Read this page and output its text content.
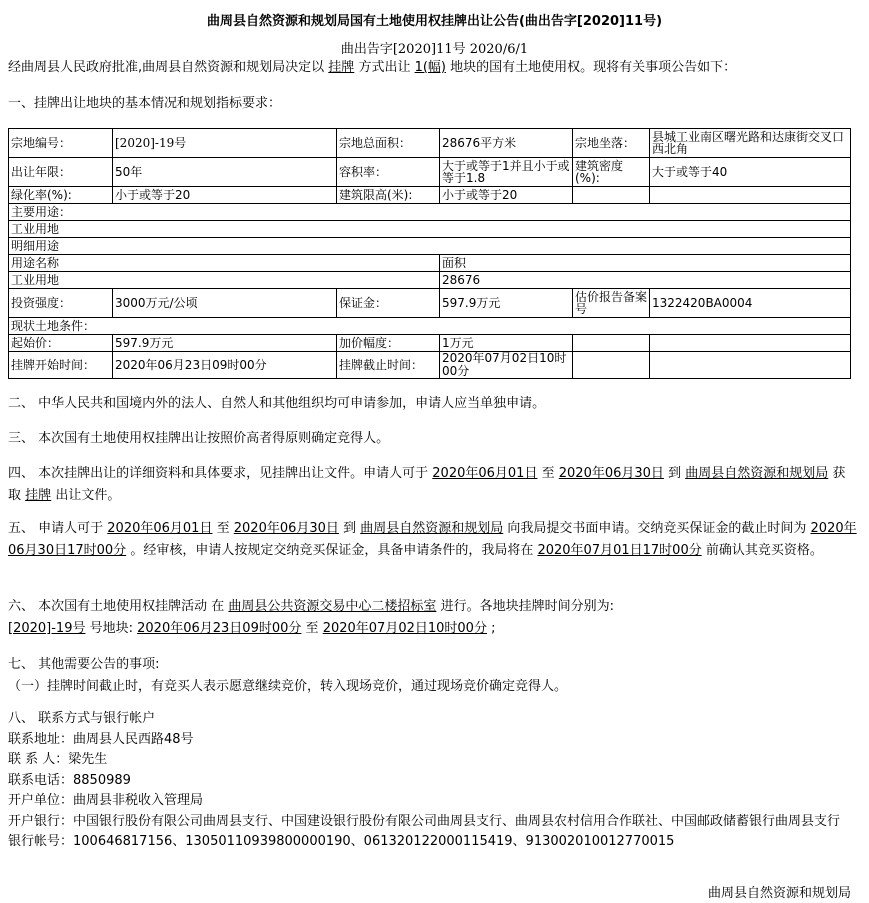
曲周县自然资源和规划局国有土地使用权挂牌出让公告(曲出告字[2020]11号)
曲出告字[2020]11号 2020/6/1
经曲周县人民政府批准,曲周县自然资源和规划局决定以 挂牌 方式出让 1(幅) 地块的国有土地使用权。现将有关事项公告如下：
一、挂牌出让地块的基本情况和规划指标要求：
宗地编号：	[2020]-19号	宗地总面积：	28676平方米	宗地坐落：	县城工业南区曙光路和达康街交叉口西北角
出让年限：	50年	容积率：	大于或等于1并且小于或等于1.8	建筑密度(%):	大于或等于40
绿化率(%):	小于或等于20	建筑限高(米):	小于或等于20		
主要用途：					
工业用地					
明细用途					
用途名称			面积		
工业用地			28676		
投资强度：	3000万元/公顷	保证金：	597.9万元	估价报告备案号	1322420BA0004
现状土地条件：					
起始价：	597.9万元	加价幅度：	1万元		
挂牌开始时间：	2020年06月23日09时00分	挂牌截止时间：	2020年07月02日10时00分		
二、 中华人民共和国境内外的法人、自然人和其他组织均可申请参加，申请人应当单独申请。
三、 本次国有土地使用权挂牌出让按照价高者得原则确定竞得人。
四、 本次挂牌出让的详细资料和具体要求，见挂牌出让文件。申请人可于 2020年06月01日 至 2020年06月30日 到 曲周县自然资源和规划局 获取 挂牌 出让文件。
五、 申请人可于 2020年06月01日 至 2020年06月30日 到 曲周县自然资源和规划局 向我局提交书面申请。交纳竞买保证金的截止时间为 2020年06月30日17时00分 。经审核，申请人按规定交纳竞买保证金，具备申请条件的，我局将在 2020年07月01日17时00分 前确认其竞买资格。
六、 本次国有土地使用权挂牌活动 在 曲周县公共资源交易中心二楼招标室 进行。各地块挂牌时间分别为:
[2020]-19号 号地块: 2020年06月23日09时00分 至 2020年07月02日10时00分 ;
七、 其他需要公告的事项:
（一）挂牌时间截止时，有竞买人表示愿意继续竞价，转入现场竞价，通过现场竞价确定竞得人。
八、 联系方式与银行帐户
联系地址：曲周县人民西路48号
联 系 人：梁先生
联系电话：8850989
开户单位：曲周县非税收入管理局
开户银行：中国银行股份有限公司曲周县支行、中国建设银行股份有限公司曲周县支行、曲周县农村信用合作联社、中国邮政储蓄银行曲周县支行
银行帐号：100646817156、13050110939800000190、061320122000115419、913002010012770015
曲周县自然资源和规划局
